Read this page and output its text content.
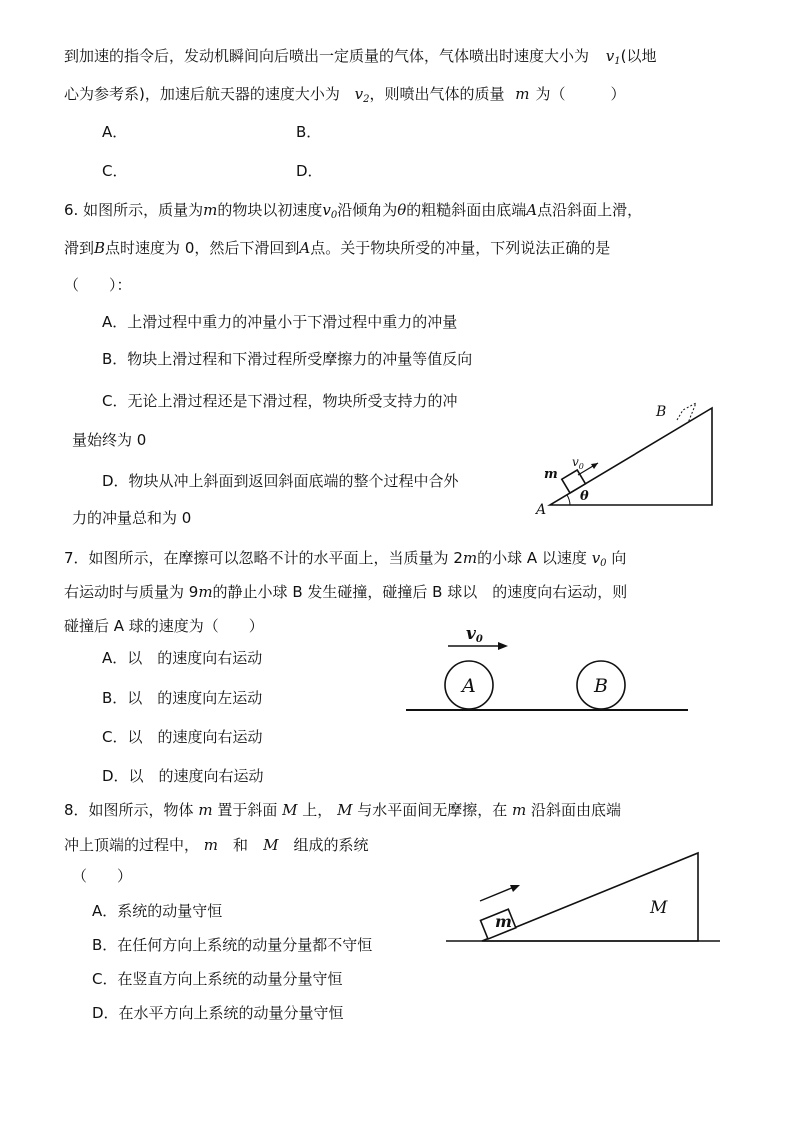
到加速的指令后，发动机瞬间向后喷出一定质量的气体，气体喷出时速度大小为 $v_1$(以地
心为参考系)，加速后航天器的速度大小为 $v_2$，则喷出气体的质量 m 为（　　　）
A．	B．
C．	D．
6. 如图所示，质量为m的物块以初速度$v_0$沿倾角为θ的粗糙斜面由底端A点沿斜面上滑，
滑到B点时速度为 0，然后下滑回到A点。关于物块所受的冲量，下列说法正确的是
（　　）：
A．上滑过程中重力的冲量小于下滑过程中重力的冲量
B．物块上滑过程和下滑过程所受摩擦力的冲量等值反向
C．无论上滑过程还是下滑过程，物块所受支持力的冲
量始终为 0
D．物块从冲上斜面到返回斜面底端的整个过程中合外
力的冲量总和为 0
B
A
m
$v_0$
θ
7．如图所示，在摩擦可以忽略不计的水平面上，当质量为 2m的小球 A 以速度 $v_0$ 向
右运动时与质量为 9m的静止小球 B 发生碰撞，碰撞后 B 球以　的速度向右运动，则
碰撞后 A 球的速度为（　　）
A．以　的速度向右运动
B．以　的速度向左运动
C．以　的速度向右运动
D．以　的速度向右运动
A	B
v0
8．如图所示，物体 m 置于斜面 M 上， M 与水平面间无摩擦，在 m 沿斜面由底端
冲上顶端的过程中， m　 和　 M　 组成的系统
（　　）
A．系统的动量守恒
B．在任何方向上系统的动量分量都不守恒
C．在竖直方向上系统的动量分量守恒
D．在水平方向上系统的动量分量守恒
m
M
